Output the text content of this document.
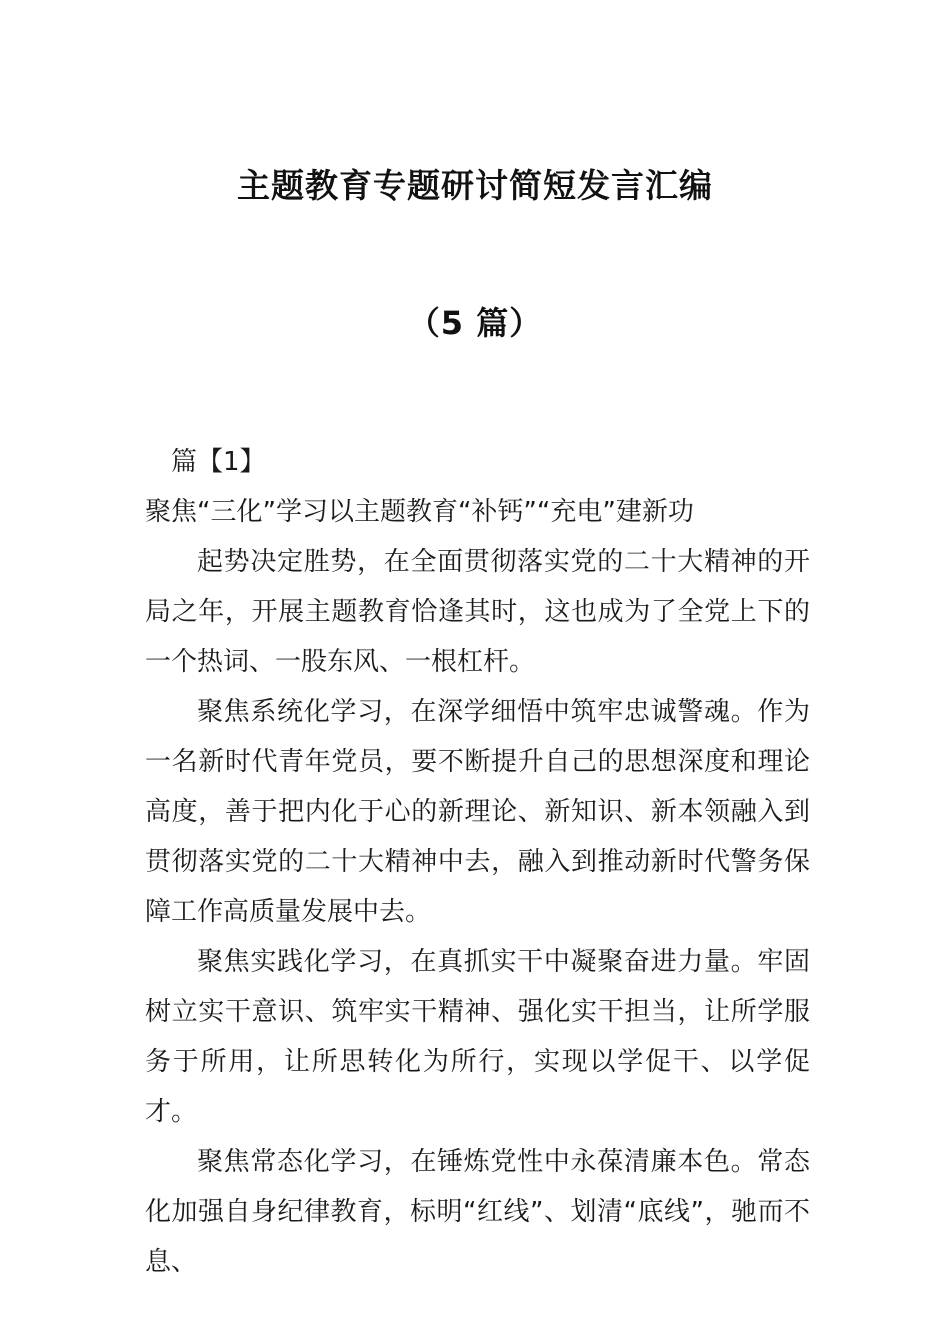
主题教育专题研讨简短发言汇编
（5 篇）
篇【1】
聚焦“三化”学习以主题教育“补钙”“充电”建新功

起势决定胜势，在全面贯彻落实党的二十大精神的开局之年，开展主题教育恰逢其时，这也成为了全党上下的一个热词、一股东风、一根杠杆。

聚焦系统化学习，在深学细悟中筑牢忠诚警魂。作为一名新时代青年党员，要不断提升自己的思想深度和理论高度，善于把内化于心的新理论、新知识、新本领融入到贯彻落实党的二十大精神中去，融入到推动新时代警务保障工作高质量发展中去。

聚焦实践化学习，在真抓实干中凝聚奋进力量。牢固树立实干意识、筑牢实干精神、强化实干担当，让所学服务于所用，让所思转化为所行，实现以学促干、以学促才。

聚焦常态化学习，在锤炼党性中永葆清廉本色。常态化加强自身纪律教育，标明“红线”、划清“底线”，驰而不息、
